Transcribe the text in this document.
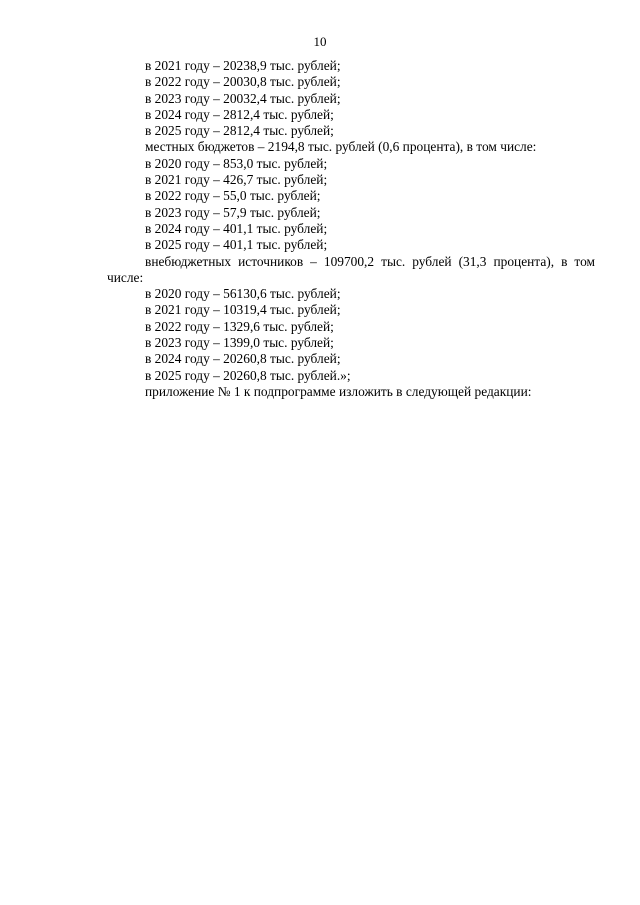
10
в 2021 году – 20238,9 тыс. рублей;
в 2022 году – 20030,8 тыс. рублей;
в 2023 году – 20032,4 тыс. рублей;
в 2024 году – 2812,4 тыс. рублей;
в 2025 году – 2812,4 тыс. рублей;
местных бюджетов – 2194,8 тыс. рублей (0,6 процента), в том числе:
в 2020 году – 853,0 тыс. рублей;
в 2021 году – 426,7 тыс. рублей;
в 2022 году – 55,0 тыс. рублей;
в 2023 году – 57,9 тыс. рублей;
в 2024 году – 401,1 тыс. рублей;
в 2025 году – 401,1 тыс. рублей;
внебюджетных источников – 109700,2 тыс. рублей (31,3 процента), в том
числе:
в 2020 году – 56130,6 тыс. рублей;
в 2021 году – 10319,4 тыс. рублей;
в 2022 году – 1329,6 тыс. рублей;
в 2023 году – 1399,0 тыс. рублей;
в 2024 году – 20260,8 тыс. рублей;
в 2025 году – 20260,8 тыс. рублей.»;
приложение № 1 к подпрограмме изложить в следующей редакции:
